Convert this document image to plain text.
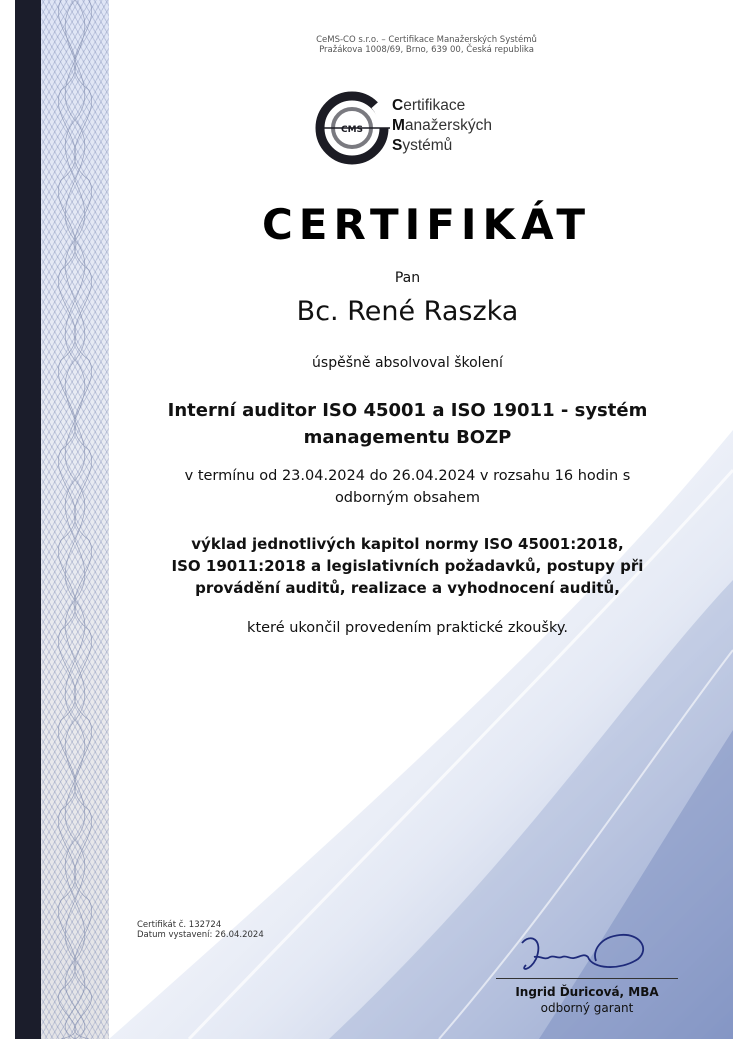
CeMS-CO s.r.o. – Certifikace Manažerských Systémů
Pražákova 1008/69, Brno, 639 00, Česká republika
CMS
Certifikace
Manažerských
Systémů
CERTIFIKÁT
Pan
Bc. René Raszka
úspěšně absolvoval školení
Interní auditor ISO 45001 a ISO 19011 - systém
managementu BOZP
v termínu od 23.04.2024 do 26.04.2024 v rozsahu 16 hodin s
odborným obsahem
výklad jednotlivých kapitol normy ISO 45001:2018,
ISO 19011:2018 a legislativních požadavků, postupy při
provádění auditů, realizace a vyhodnocení auditů,
které ukončil provedením praktické zkoušky.
Certifikát č. 132724
Datum vystavení: 26.04.2024
Ingrid Ďuricová, MBA
odborný garant
